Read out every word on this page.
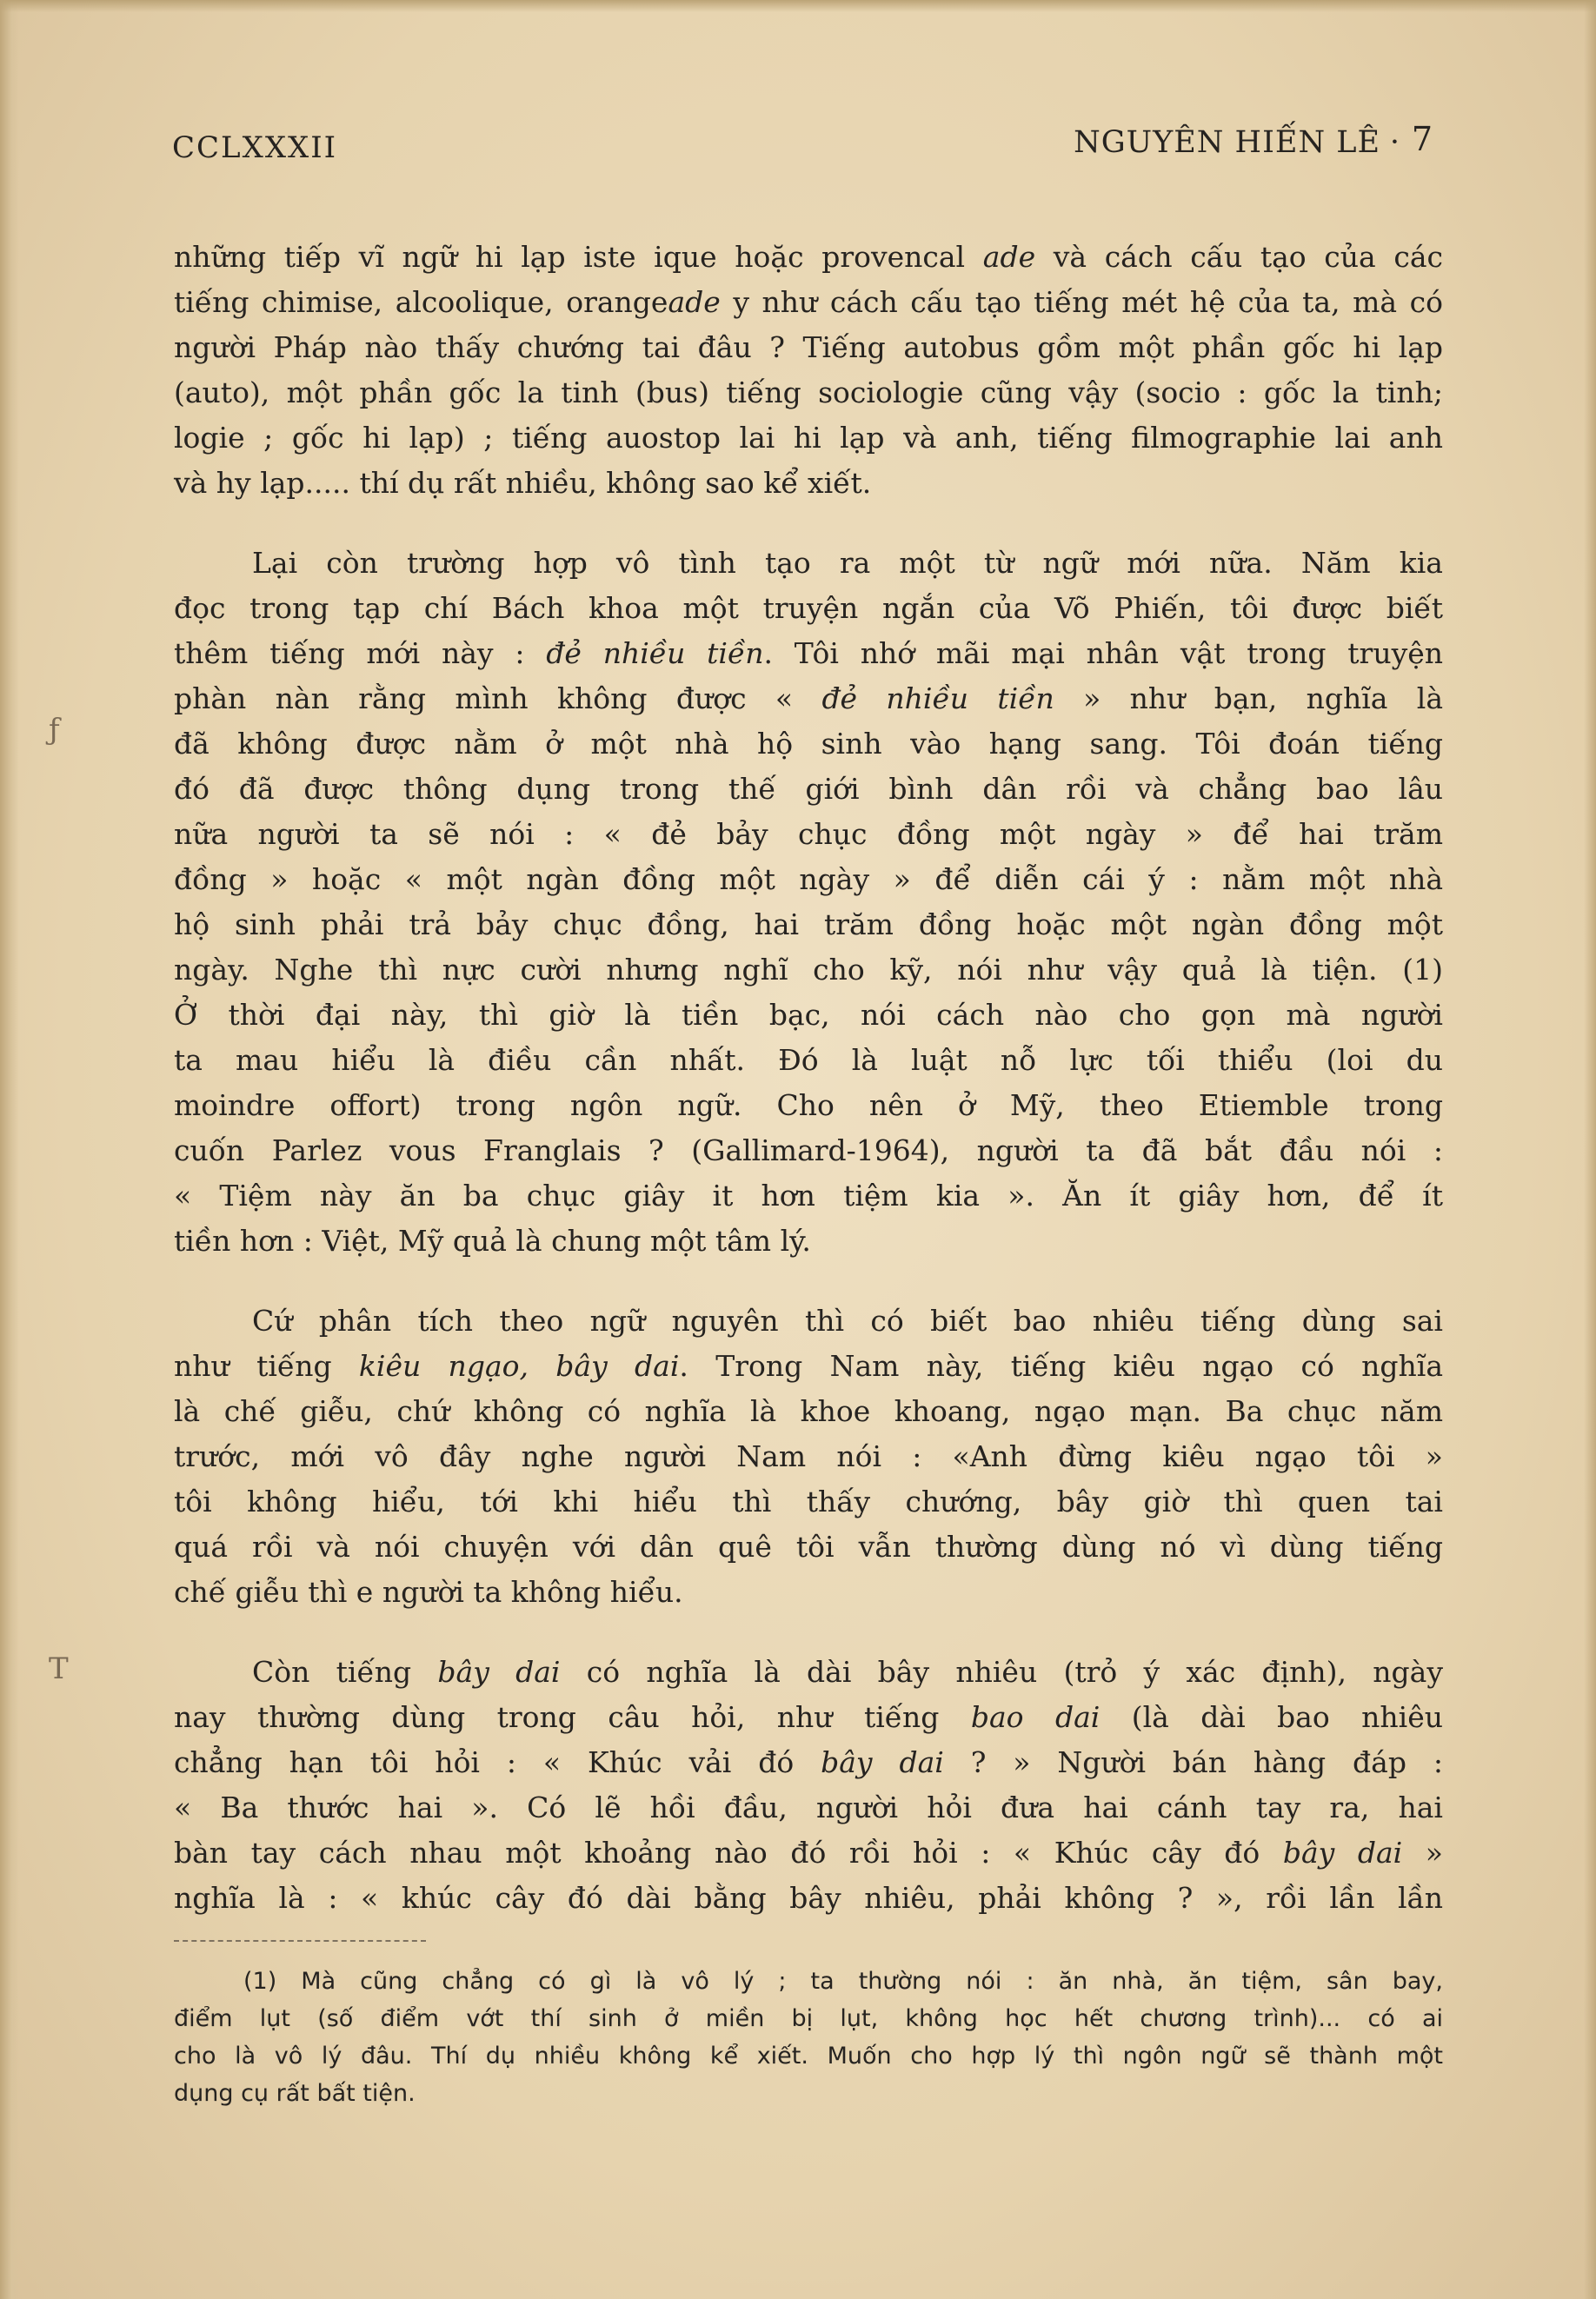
ƒ
T
CCLXXXII	NGUYÊN HIẾN LÊ · 7

những tiếp vĩ ngữ hi lạp iste ique hoặc provencal ade và cách cấu tạo của các
tiếng chimise, alcoolique, orangeade y như cách cấu tạo tiếng mét hệ của ta, mà có
người Pháp nào thấy chướng tai đâu ? Tiếng autobus gồm một phần gốc hi lạp
(auto), một phần gốc la tinh (bus) tiếng sociologie cũng vậy (socio : gốc la tinh;
logie ; gốc hi lạp) ; tiếng auostop lai hi lạp và anh, tiếng filmographie lai anh
và hy lạp..... thí dụ rất nhiều, không sao kể xiết.

Lại còn trường hợp vô tình tạo ra một từ ngữ mới nữa. Năm kia
đọc trong tạp chí Bách khoa một truyện ngắn của Võ Phiến, tôi được biết
thêm tiếng mới này : đẻ nhiều tiền. Tôi nhớ mãi mại nhân vật trong truyện
phàn nàn rằng mình không được « đẻ nhiều tiền » như bạn, nghĩa là
đã không được nằm ở một nhà hộ sinh vào hạng sang. Tôi đoán tiếng
đó đã được thông dụng trong thế giới bình dân rồi và chẳng bao lâu
nữa người ta sẽ nói : « đẻ bảy chục đồng một ngày » để hai trăm
đồng » hoặc « một ngàn đồng một ngày » để diễn cái ý : nằm một nhà
hộ sinh phải trả bảy chục đồng, hai trăm đồng hoặc một ngàn đồng một
ngày. Nghe thì nực cười nhưng nghĩ cho kỹ, nói như vậy quả là tiện. (1)
Ở thời đại này, thì giờ là tiền bạc, nói cách nào cho gọn mà người
ta mau hiểu là điều cần nhất. Đó là luật nỗ lực tối thiểu (loi du
moindre offort) trong ngôn ngữ. Cho nên ở Mỹ, theo Etiemble trong
cuốn Parlez vous Franglais ? (Gallimard-1964), người ta đã bắt đầu nói :
« Tiệm này ăn ba chục giây it hơn tiệm kia ». Ăn ít giây hơn, để ít
tiền hơn : Việt, Mỹ quả là chung một tâm lý.

Cứ phân tích theo ngữ nguyên thì có biết bao nhiêu tiếng dùng sai
như tiếng kiêu ngạo, bây dai. Trong Nam này, tiếng kiêu ngạo có nghĩa
là chế giễu, chứ không có nghĩa là khoe khoang, ngạo mạn. Ba chục năm
trước, mới vô đây nghe người Nam nói : «Anh đừng kiêu ngạo tôi »
tôi không hiểu, tới khi hiểu thì thấy chướng, bây giờ thì quen tai
quá rồi và nói chuyện với dân quê tôi vẫn thường dùng nó vì dùng tiếng
chế giễu thì e người ta không hiểu.

Còn tiếng bây dai có nghĩa là dài bây nhiêu (trỏ ý xác định), ngày
nay thường dùng trong câu hỏi, như tiếng bao dai (là dài bao nhiêu
chẳng hạn tôi hỏi : « Khúc vải đó bây dai ? » Người bán hàng đáp :
« Ba thước hai ». Có lẽ hồi đầu, người hỏi đưa hai cánh tay ra, hai
bàn tay cách nhau một khoảng nào đó rồi hỏi : « Khúc cây đó bây dai »
nghĩa là : « khúc cây đó dài bằng bây nhiêu, phải không ? », rồi lần lần

(1) Mà cũng chẳng có gì là vô lý ; ta thường nói : ăn nhà, ăn tiệm, sân bay,
điểm lụt (số điểm vớt thí sinh ở miền bị lụt, không học hết chương trình)... có ai
cho là vô lý đâu. Thí dụ nhiều không kể xiết. Muốn cho hợp lý thì ngôn ngữ sẽ thành một
dụng cụ rất bất tiện.
